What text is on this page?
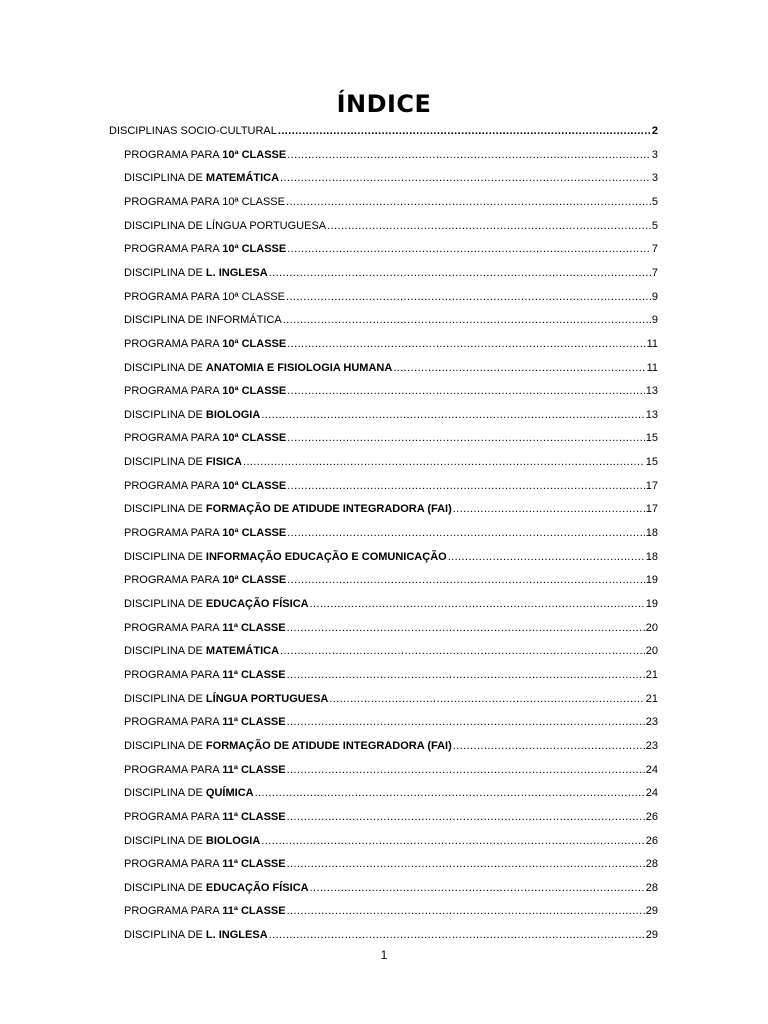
ÍNDICE
DISCIPLINAS SOCIO-CULTURAL .....	2
PROGRAMA PARA 10ª CLASSE .....	3
DISCIPLINA DE MATEMÁTICA .....	3
PROGRAMA PARA 10ª CLASSE .....	5
DISCIPLINA DE LÍNGUA PORTUGUESA .....	5
PROGRAMA PARA 10ª CLASSE .....	7
DISCIPLINA DE L. INGLESA .....	7
PROGRAMA PARA 10ª CLASSE .....	9
DISCIPLINA DE INFORMÁTICA .....	9
PROGRAMA PARA 10ª CLASSE .....	11
DISCIPLINA DE ANATOMIA E FISIOLOGIA HUMANA .....	11
PROGRAMA PARA 10ª CLASSE .....	13
DISCIPLINA DE BIOLOGIA .....	13
PROGRAMA PARA 10ª CLASSE .....	15
DISCIPLINA DE FISICA .....	15
PROGRAMA PARA 10ª CLASSE .....	17
DISCIPLINA DE FORMAÇÃO DE ATIDUDE INTEGRADORA (FAI) .....	17
PROGRAMA PARA 10ª CLASSE .....	18
DISCIPLINA DE INFORMAÇÃO EDUCAÇÃO E COMUNICAÇÃO .....	18
PROGRAMA PARA 10ª CLASSE .....	19
DISCIPLINA DE EDUCAÇÃO FÍSICA .....	19
PROGRAMA PARA 11ª CLASSE .....	20
DISCIPLINA DE MATEMÁTICA .....	20
PROGRAMA PARA 11ª CLASSE .....	21
DISCIPLINA DE LÍNGUA PORTUGUESA .....	21
PROGRAMA PARA 11ª CLASSE .....	23
DISCIPLINA DE FORMAÇÃO DE ATIDUDE INTEGRADORA (FAI) .....	23
PROGRAMA PARA 11ª CLASSE .....	24
DISCIPLINA DE QUÍMICA .....	24
PROGRAMA PARA 11ª CLASSE .....	26
DISCIPLINA DE BIOLOGIA .....	26
PROGRAMA PARA 11ª CLASSE .....	28
DISCIPLINA DE EDUCAÇÃO FÍSICA .....	28
PROGRAMA PARA 11ª CLASSE .....	29
DISCIPLINA DE L. INGLESA .....	29
1
